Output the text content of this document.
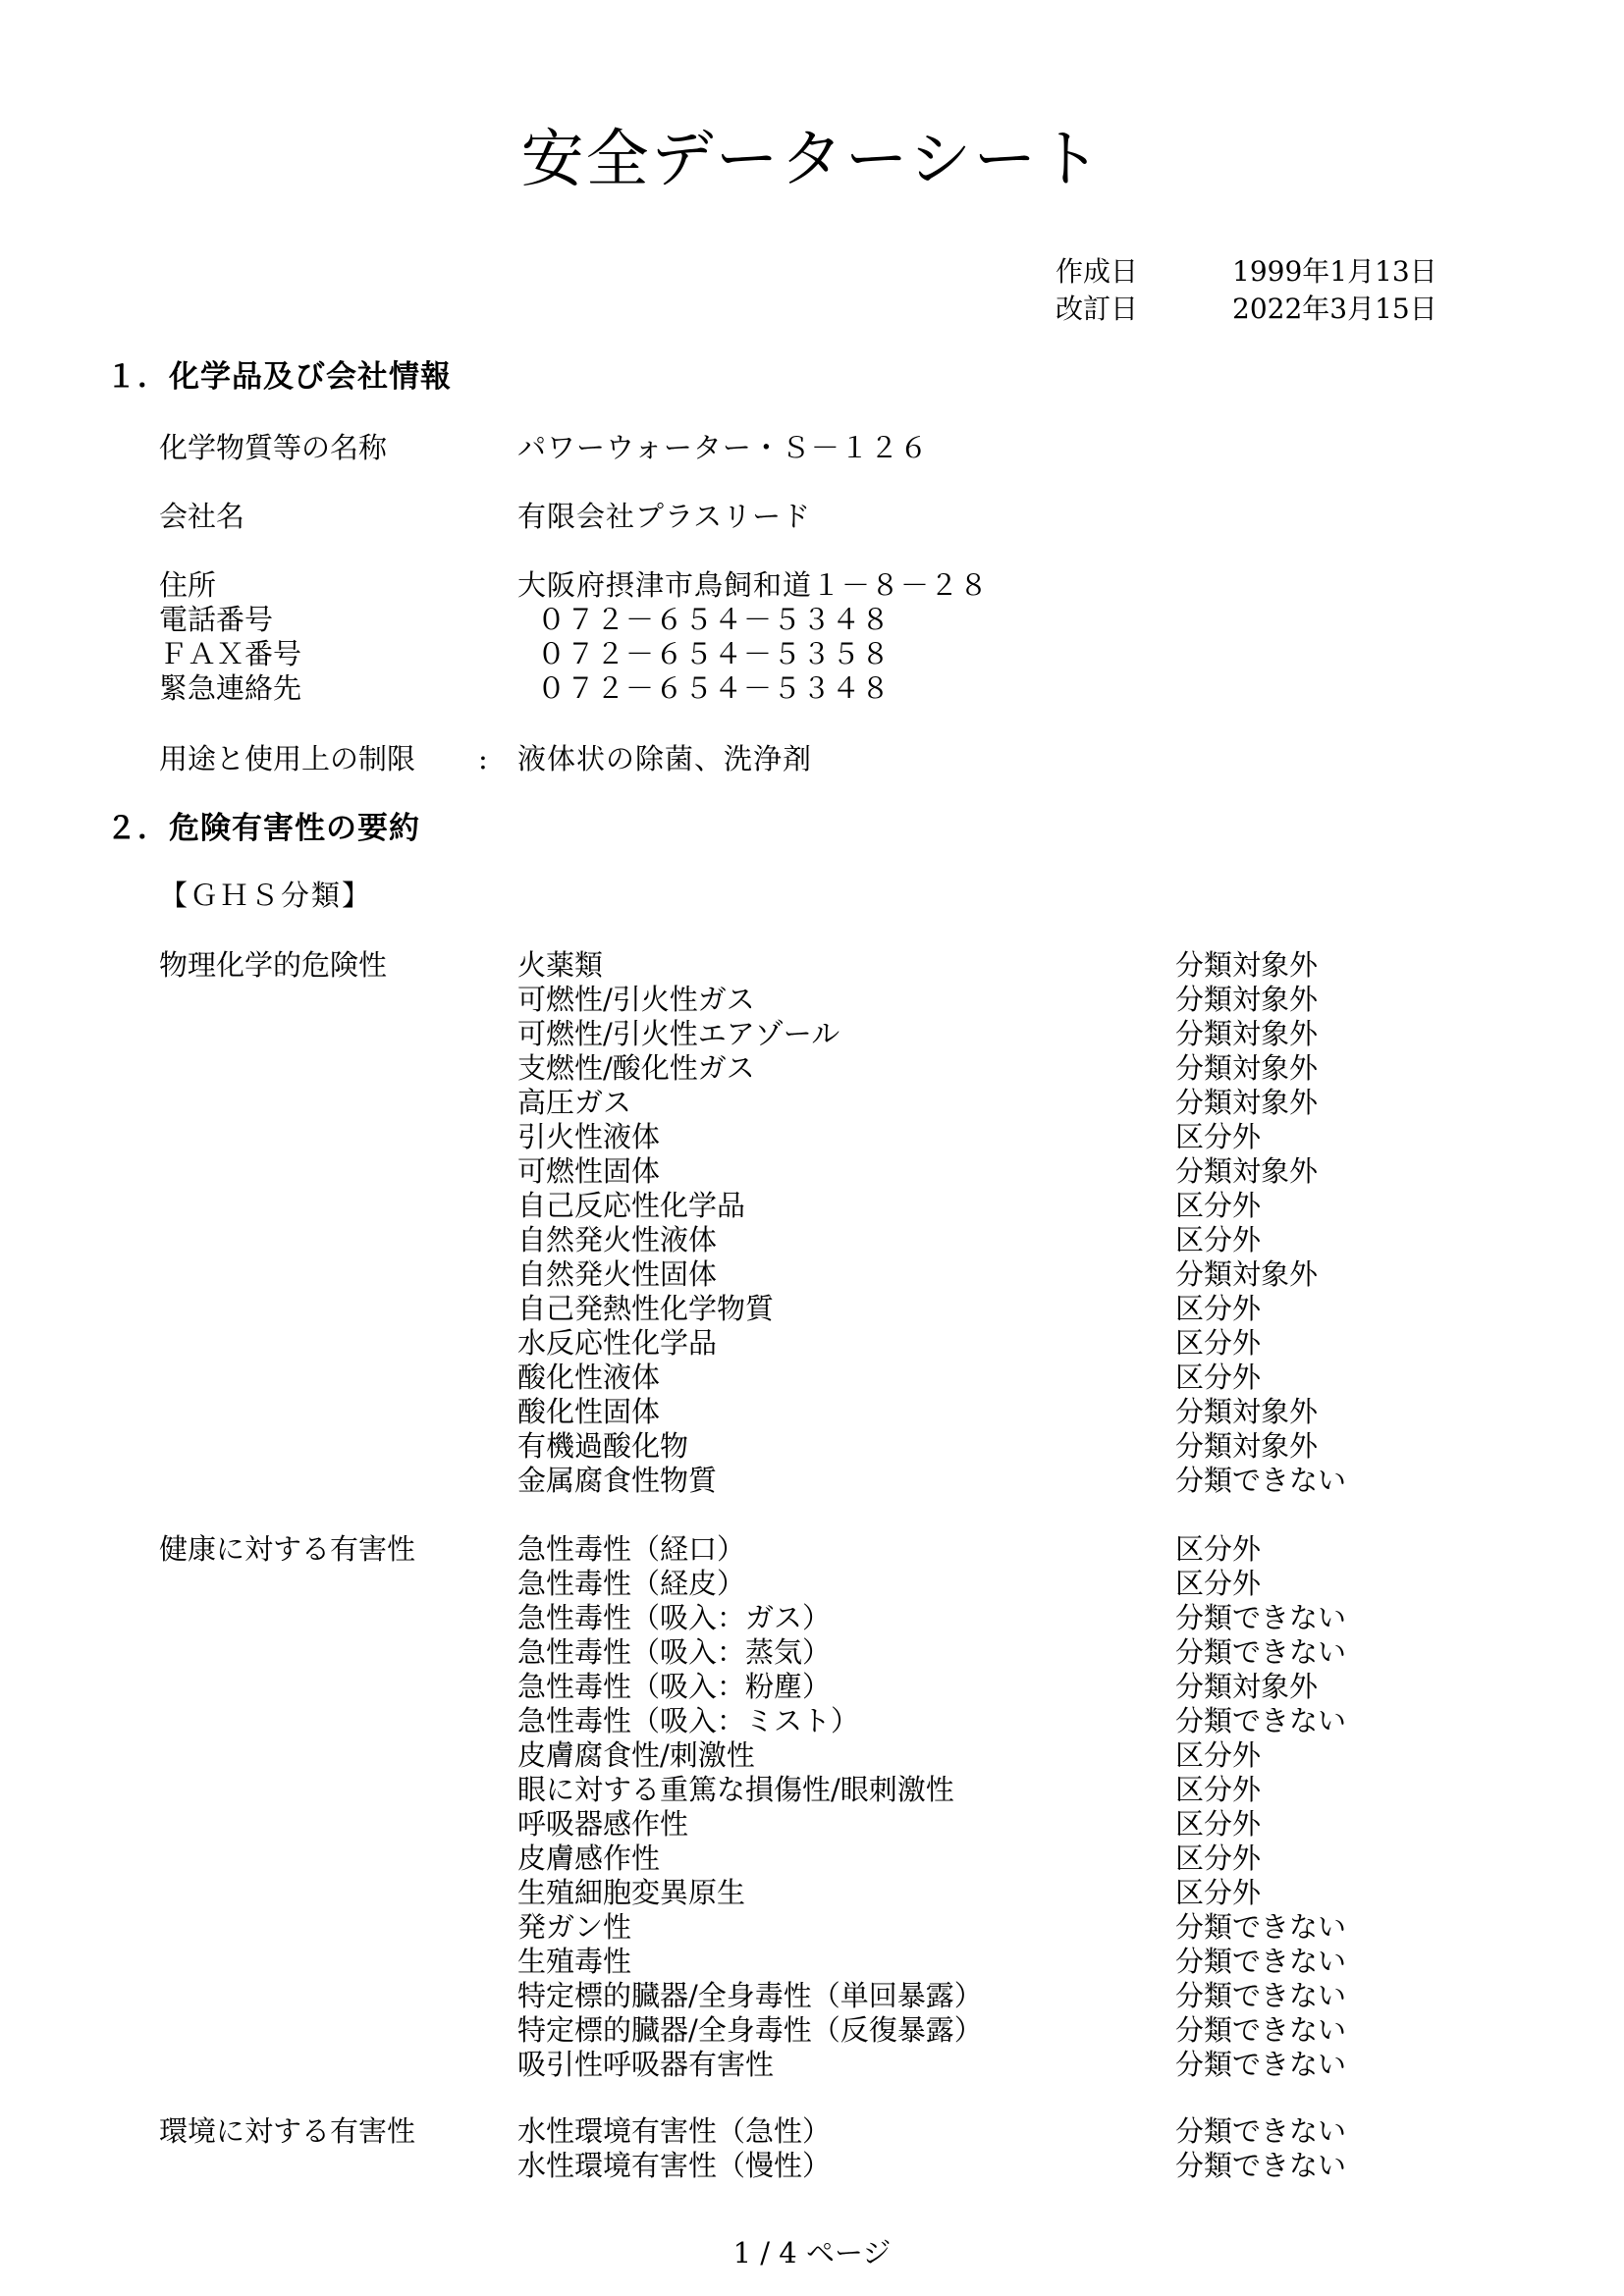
安全データーシート
作成日	1999年1月13日
改訂日	2022年3月15日
１．化学品及び会社情報
化学物質等の名称	パワーウォーター・Ｓ－１２６
会社名	有限会社プラスリード
住所	大阪府摂津市鳥飼和道１－８－２８
電話番号	０７２－６５４－５３４８
ＦＡＸ番号	０７２－６５４－５３５８
緊急連絡先	０７２－６５４－５３４８
用途と使用上の制限	:	液体状の除菌、洗浄剤
２．危険有害性の要約
【ＧＨＳ分類】
物理化学的危険性	火薬類	分類対象外
可燃性/引火性ガス	分類対象外
可燃性/引火性エアゾール	分類対象外
支燃性/酸化性ガス	分類対象外
高圧ガス	分類対象外
引火性液体	区分外
可燃性固体	分類対象外
自己反応性化学品	区分外
自然発火性液体	区分外
自然発火性固体	分類対象外
自己発熱性化学物質	区分外
水反応性化学品	区分外
酸化性液体	区分外
酸化性固体	分類対象外
有機過酸化物	分類対象外
金属腐食性物質	分類できない
健康に対する有害性	急性毒性（経口）	区分外
急性毒性（経皮）	区分外
急性毒性（吸入：ガス）	分類できない
急性毒性（吸入：蒸気）	分類できない
急性毒性（吸入：粉塵）	分類対象外
急性毒性（吸入：ミスト）	分類できない
皮膚腐食性/刺激性	区分外
眼に対する重篤な損傷性/眼刺激性	区分外
呼吸器感作性	区分外
皮膚感作性	区分外
生殖細胞変異原生	区分外
発ガン性	分類できない
生殖毒性	分類できない
特定標的臓器/全身毒性（単回暴露）	分類できない
特定標的臓器/全身毒性（反復暴露）	分類できない
吸引性呼吸器有害性	分類できない
環境に対する有害性	水性環境有害性（急性）	分類できない
水性環境有害性（慢性）	分類できない
1 / 4 ページ
